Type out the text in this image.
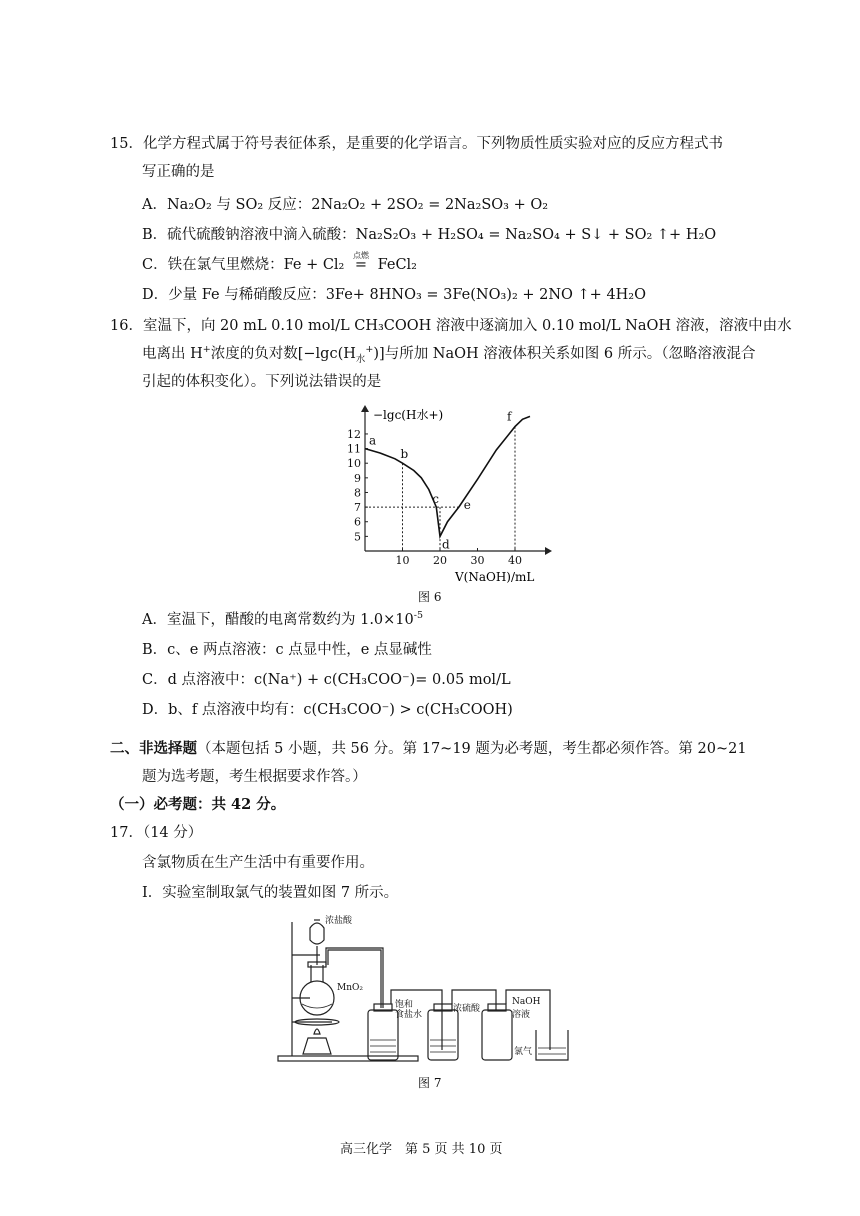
15．化学方程式属于符号表征体系，是重要的化学语言。下列物质性质实验对应的反应方程式书
写正确的是
A．Na₂O₂ 与 SO₂ 反应：2Na₂O₂ + 2SO₂ = 2Na₂SO₃ + O₂
B．硫代硫酸钠溶液中滴入硫酸：Na₂S₂O₃ + H₂SO₄ = Na₂SO₄ + S↓ + SO₂ ↑+ H₂O
C．铁在氯气里燃烧：Fe + Cl₂
点燃
= FeCl₂
D．少量 Fe 与稀硝酸反应：3Fe+ 8HNO₃ = 3Fe(NO₃)₂ + 2NO ↑+ 4H₂O
16．室温下，向 20 mL 0.10 mol/L CH₃COOH 溶液中逐滴加入 0.10 mol/L NaOH 溶液，溶液中由水
电离出 H+浓度的负对数$[-\lg c(H_水^+)]$与所加 NaOH 溶液体积关系如图 6 所示。（忽略溶液混合
引起的体积变化）。下列说法错误的是
10 20 30 40
5
6
7
8
9
10
11
12 a
b
c
d
e
f
−lgc(H水+)
V(NaOH)/mL
图 6
A．室温下，醋酸的电离常数约为 $1.0\times 10^{-5}$
B．c、e 两点溶液：c 点显中性，e 点显碱性
C．d 点溶液中：c(Na⁺) + c(CH₃COO⁻)= 0.05 mol/L
D．b、f 点溶液中均有：c(CH₃COO⁻) > c(CH₃COOH)
二、非选择题（本题包括 5 小题，共 56 分。第 17~19 题为必考题，考生都必须作答。第 20~21
题为选考题，考生根据要求作答。）
（一）必考题：共 42 分。
17．（14 分）
含氯物质在生产生活中有重要作用。
I．实验室制取氯气的装置如图 7 所示。
浓盐酸
MnO₂
饱和
食盐水
浓硫酸
NaOH
溶液
氯气
图 7
高三化学　第 5 页 共 10 页
